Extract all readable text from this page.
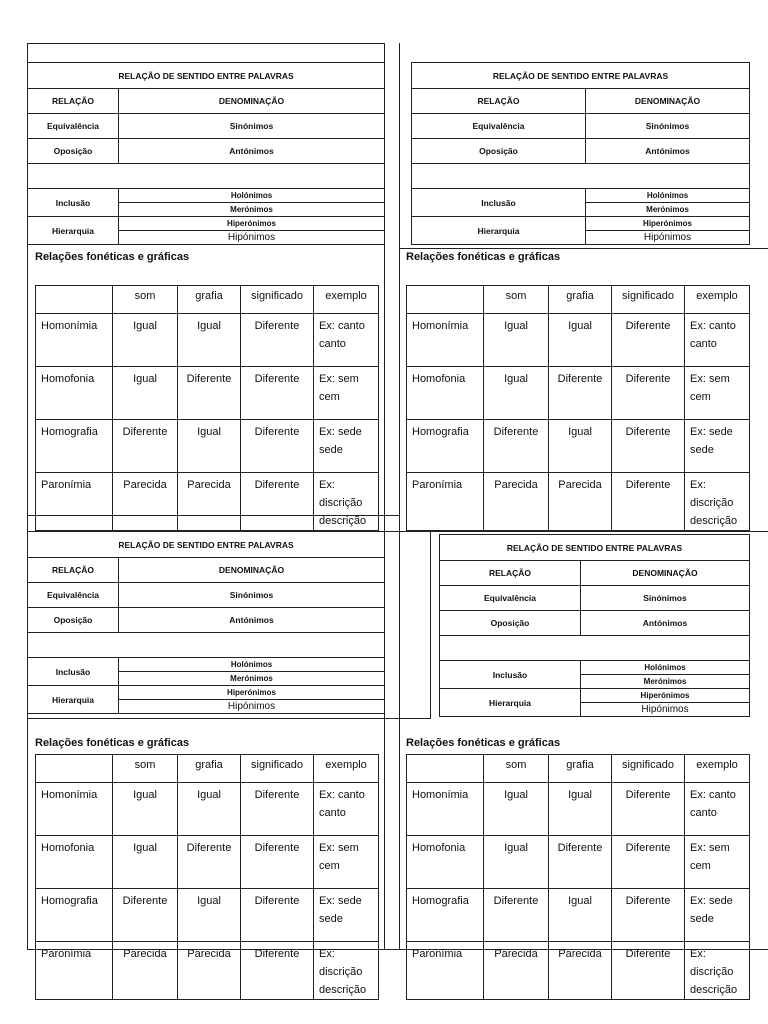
RELAÇÃO DE SENTIDO ENTRE PALAVRAS	
RELAÇÃO	DENOMINAÇÃO
Equivalência	Sinónimos
Oposição	Antónimos

Inclusão	Holónimos
	Merónimos
Hierarquia	Hiperónimos
	Hipónimos
RELAÇÃO DE SENTIDO ENTRE PALAVRAS	
RELAÇÃO	DENOMINAÇÃO
Equivalência	Sinónimos
Oposição	Antónimos

Inclusão	Holónimos
	Merónimos
Hierarquia	Hiperónimos
	Hipónimos
RELAÇÃO DE SENTIDO ENTRE PALAVRAS	
RELAÇÃO	DENOMINAÇÃO
Equivalência	Sinónimos
Oposição	Antónimos

Inclusão	Holónimos
	Merónimos
Hierarquia	Hiperónimos
	Hipónimos
RELAÇÃO DE SENTIDO ENTRE PALAVRAS	
RELAÇÃO	DENOMINAÇÃO
Equivalência	Sinónimos
Oposição	Antónimos

Inclusão	Holónimos
	Merónimos
Hierarquia	Hiperónimos
	Hipónimos
Relações fonéticas e gráficas	Relações fonéticas e gráficas
Relações fonéticas e gráficas	Relações fonéticas e gráficas
	som	grafia	significado	exemplo
Homonímia	Igual	Igual	Diferente	Ex: canto canto
Homofonia	Igual	Diferente	Diferente	Ex: sem cem
Homografia	Diferente	Igual	Diferente	Ex: sede sede
Paronímia	Parecida	Parecida	Diferente	Ex: discrição descrição
	som	grafia	significado	exemplo
Homonímia	Igual	Igual	Diferente	Ex: canto canto
Homofonia	Igual	Diferente	Diferente	Ex: sem cem
Homografia	Diferente	Igual	Diferente	Ex: sede sede
Paronímia	Parecida	Parecida	Diferente	Ex: discrição descrição
	som	grafia	significado	exemplo
Homonímia	Igual	Igual	Diferente	Ex: canto canto
Homofonia	Igual	Diferente	Diferente	Ex: sem cem
Homografia	Diferente	Igual	Diferente	Ex: sede sede
Paronímia	Parecida	Parecida	Diferente	Ex: discrição descrição
	som	grafia	significado	exemplo
Homonímia	Igual	Igual	Diferente	Ex: canto canto
Homofonia	Igual	Diferente	Diferente	Ex: sem cem
Homografia	Diferente	Igual	Diferente	Ex: sede sede
Paronímia	Parecida	Parecida	Diferente	Ex: discrição descrição
